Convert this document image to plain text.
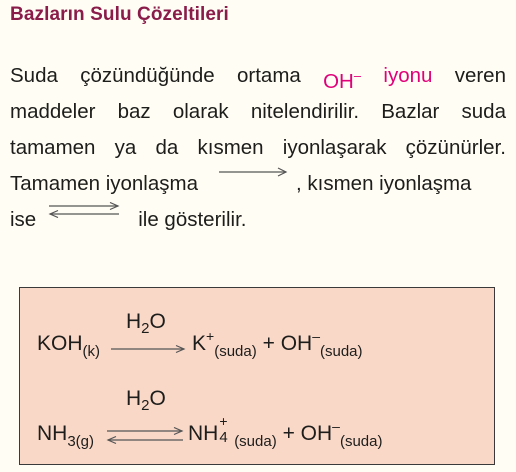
Bazların Sulu Çözeltileri
Suda çözündüğünde ortama OH– iyonu veren
maddeler baz olarak nitelendirilir. Bazlar suda
tamamen ya da kısmen iyonlaşarak çözünürler.
Tamamen iyonlaşma	, kısmen iyonlaşma
ise ⇌ ile gösterilir.
$H_2O$
$KOH_{(k)}$	$K^+_{(suda)} + OH^-_{(suda)}$
$H_2O$
$NH_{3(g)}$	NH
+
4 $_{(suda)} + OH^-_{(suda)}$
